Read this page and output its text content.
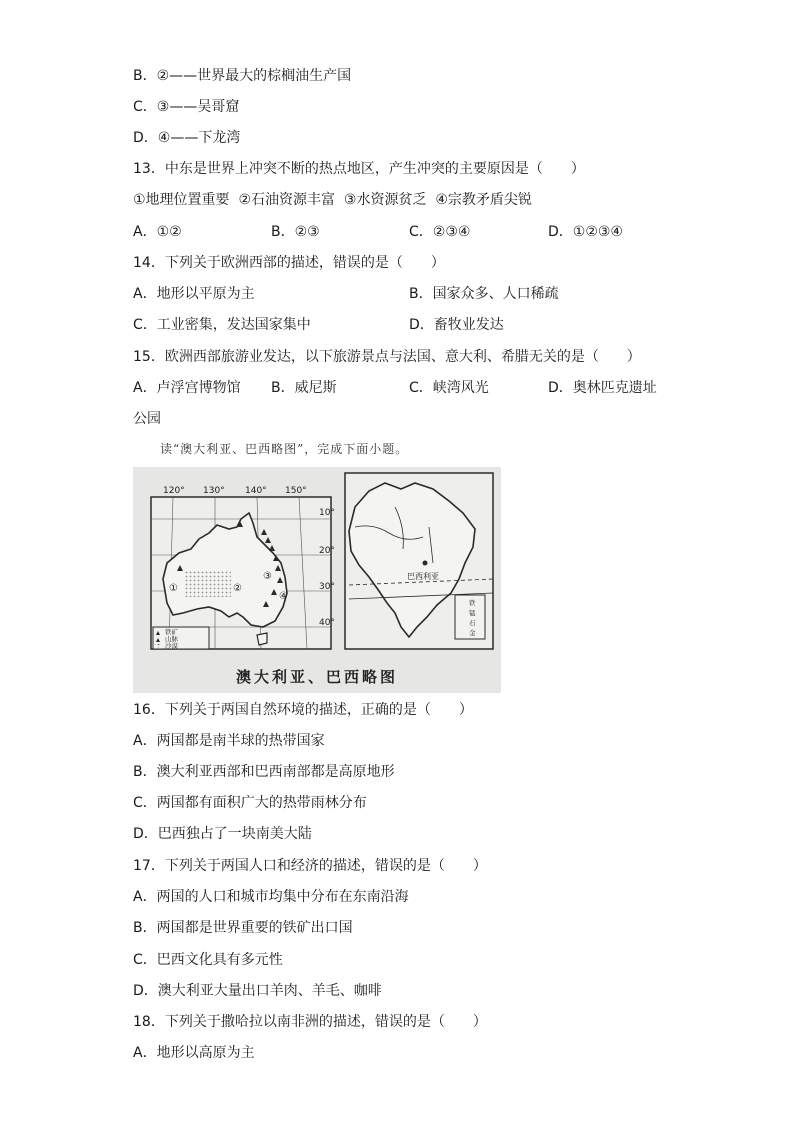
B．②——世界最大的棕榈油生产国
C．③——吴哥窟
D．④——下龙湾
13．中东是世界上冲突不断的热点地区，产生冲突的主要原因是（　　）
①地理位置重要  ②石油资源丰富  ③水资源贫乏  ④宗教矛盾尖锐
A．①②	B．②③	C．②③④	D．①②③④
14．下列关于欧洲西部的描述，错误的是（　　）
A．地形以平原为主	B．国家众多、人口稀疏
C．工业密集，发达国家集中	D．畜牧业发达
15．欧洲西部旅游业发达，以下旅游景点与法国、意大利、希腊无关的是（　　）
A．卢浮宫博物馆 B．威尼斯	C．峡湾风光	D．奥林匹克遗址
公园
读“澳大利亚、巴西略图”，完成下面小题。
120° 130° 140° 150°
10°
20°
30°
40°
①	②
③
④
铁矿
山脉
沙漠
巴西利亚
铁
锰
石
金
澳大利亚、巴西略图
16．下列关于两国自然环境的描述，正确的是（　　）
A．两国都是南半球的热带国家
B．澳大利亚西部和巴西南部都是高原地形
C．两国都有面积广大的热带雨林分布
D．巴西独占了一块南美大陆
17．下列关于两国人口和经济的描述，错误的是（　　）
A．两国的人口和城市均集中分布在东南沿海
B．两国都是世界重要的铁矿出口国
C．巴西文化具有多元性
D．澳大利亚大量出口羊肉、羊毛、咖啡
18．下列关于撒哈拉以南非洲的描述，错误的是（　　）
A．地形以高原为主
